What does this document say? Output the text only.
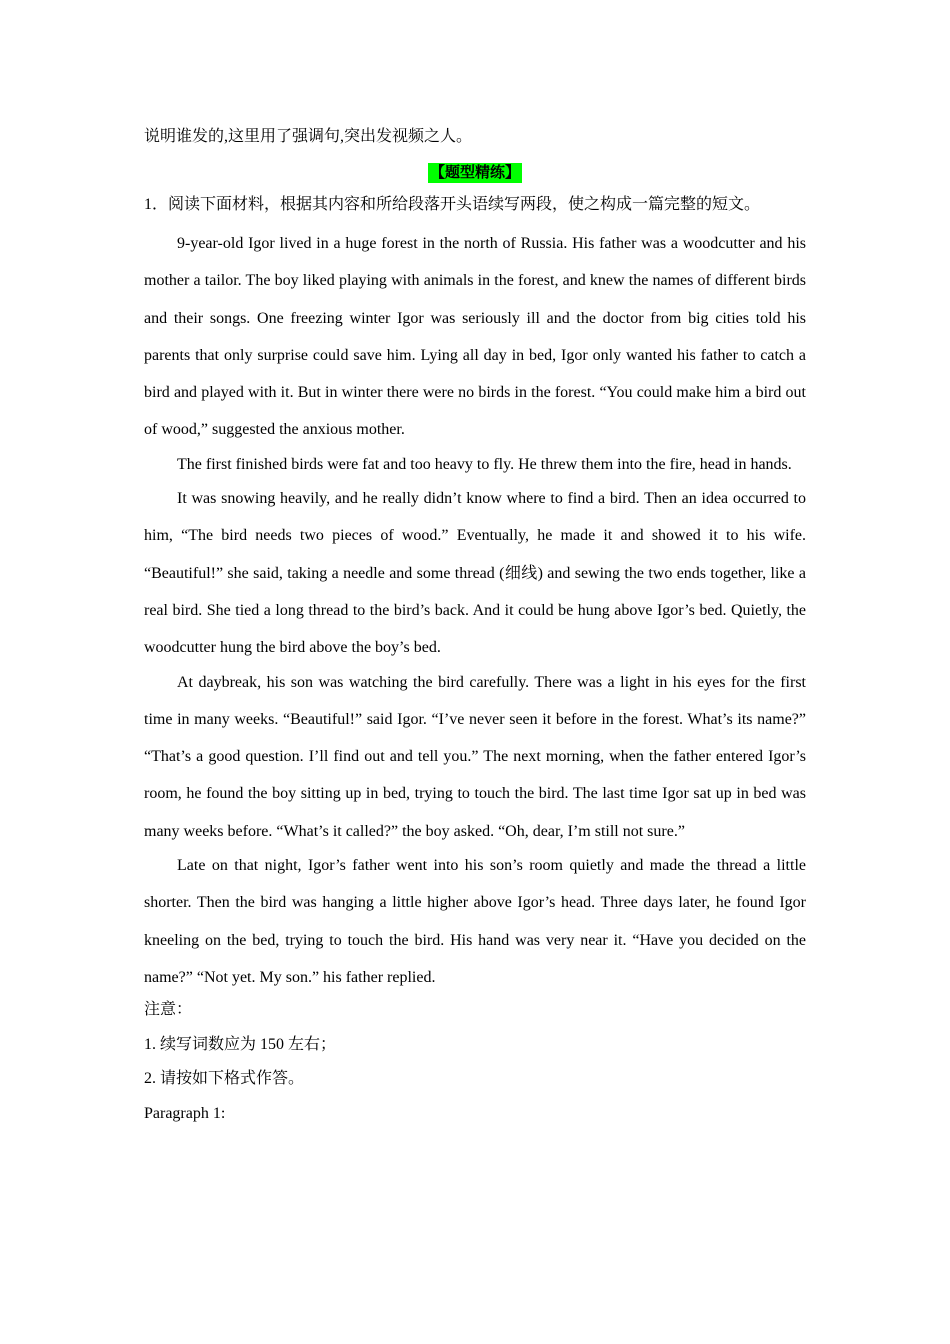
说明谁发的,这里用了强调句,突出发视频之人。

【题型精练】

1．阅读下面材料，根据其内容和所给段落开头语续写两段，使之构成一篇完整的短文。

9-year-old Igor lived in a huge forest in the north of Russia. His father was a woodcutter and his mother a tailor. The boy liked playing with animals in the forest, and knew the names of different birds and their songs. One freezing winter Igor was seriously ill and the doctor from big cities told his parents that only surprise could save him. Lying all day in bed, Igor only wanted his father to catch a bird and played with it. But in winter there were no birds in the forest. “You could make him a bird out of wood,” suggested the anxious mother.

The first finished birds were fat and too heavy to fly. He threw them into the fire, head in hands.

It was snowing heavily, and he really didn’t know where to find a bird. Then an idea occurred to him, “The bird needs two pieces of wood.” Eventually, he made it and showed it to his wife. “Beautiful!” she said, taking a needle and some thread (细线) and sewing the two ends together, like a real bird. She tied a long thread to the bird’s back. And it could be hung above Igor’s bed. Quietly, the woodcutter hung the bird above the boy’s bed.

At daybreak, his son was watching the bird carefully. There was a light in his eyes for the first time in many weeks. “Beautiful!” said Igor. “I’ve never seen it before in the forest. What’s its name?” “That’s a good question. I’ll find out and tell you.” The next morning, when the father entered Igor’s room, he found the boy sitting up in bed, trying to touch the bird. The last time Igor sat up in bed was many weeks before. “What’s it called?” the boy asked. “Oh, dear, I’m still not sure.”

Late on that night, Igor’s father went into his son’s room quietly and made the thread a little shorter. Then the bird was hanging a little higher above Igor’s head. Three days later, he found Igor kneeling on the bed, trying to touch the bird. His hand was very near it. “Have you decided on the name?” “Not yet. My son.” his father replied.

注意：

1. 续写词数应为 150 左右；

2. 请按如下格式作答。

Paragraph 1:
